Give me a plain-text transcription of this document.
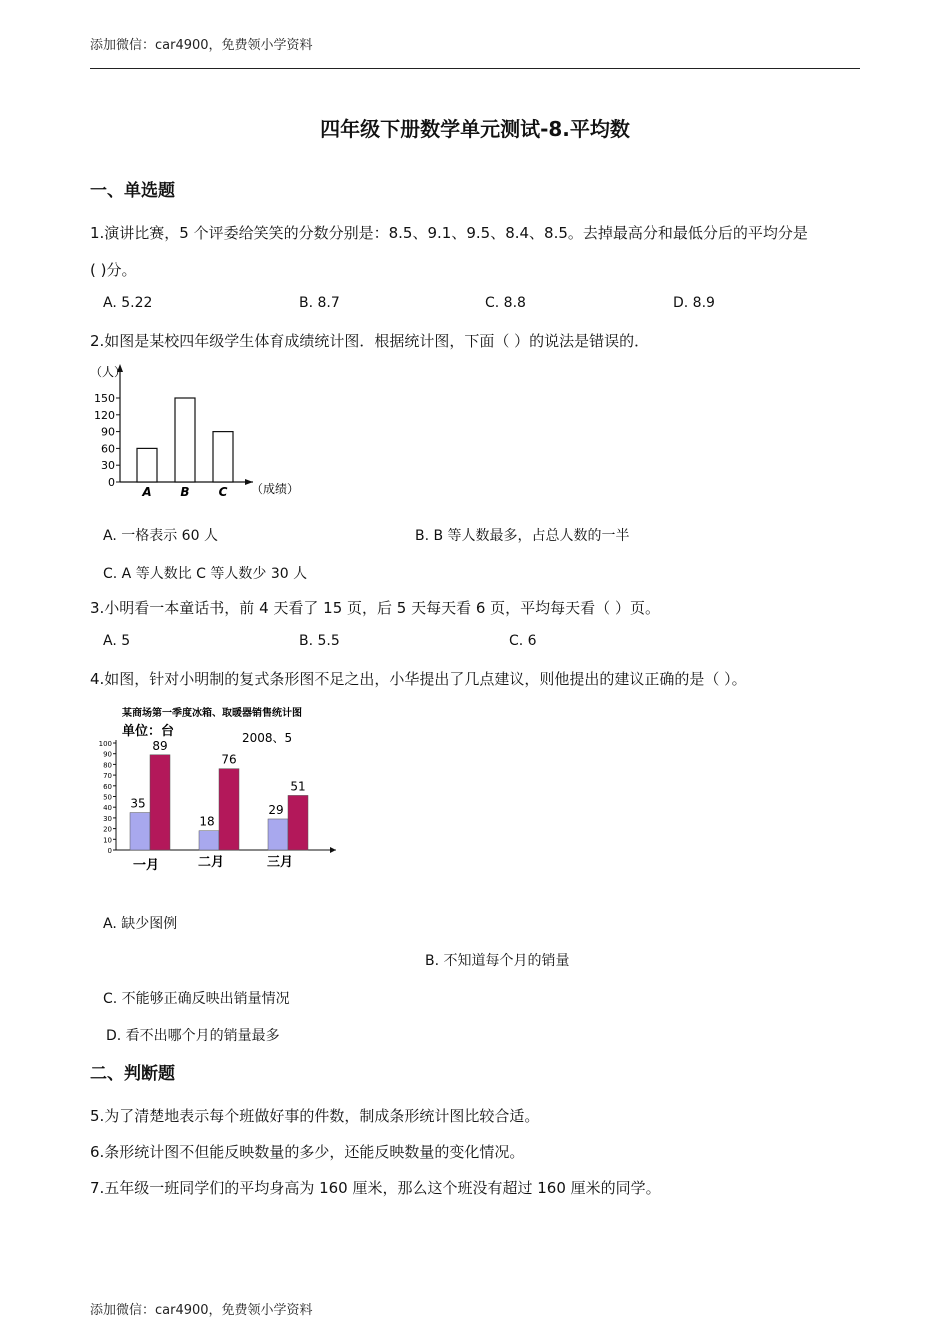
添加微信：car4900，免费领小学资料
四年级下册数学单元测试-8.平均数
一、单选题
1.演讲比赛，5 个评委给笑笑的分数分别是：8.5、9.1、9.5、8.4、8.5。去掉最高分和最低分后的平均分是
( )分。
A. 5.22	B. 8.7	C. 8.8	D. 8.9
2.如图是某校四年级学生体育成绩统计图．根据统计图，下面（ ）的说法是错误的．
（人）
（成绩）
0
30
60
90
120
150
A B C
A. 一格表示 60 人	B. B 等人数最多，占总人数的一半
C. A 等人数比 C 等人数少 30 人
3.小明看一本童话书，前 4 天看了 15 页，后 5 天每天看 6 页，平均每天看（ ）页。
A. 5	B. 5.5	C. 6
4.如图，针对小明制的复式条形图不足之出，小华提出了几点建议，则他提出的建议正确的是（ ）。
某商场第一季度冰箱、取暖器销售统计图
单位：台	2008、5
0
10
20
30
40
50
60
70
80
90
100
35
89
一月
18
76
二月
29
51
三月
A. 缺少图例
B. 不知道每个月的销量
C. 不能够正确反映出销量情况
D. 看不出哪个月的销量最多
二、判断题
5.为了清楚地表示每个班做好事的件数，制成条形统计图比较合适。
6.条形统计图不但能反映数量的多少，还能反映数量的变化情况。
7.五年级一班同学们的平均身高为 160 厘米，那么这个班没有超过 160 厘米的同学。
添加微信：car4900，免费领小学资料
